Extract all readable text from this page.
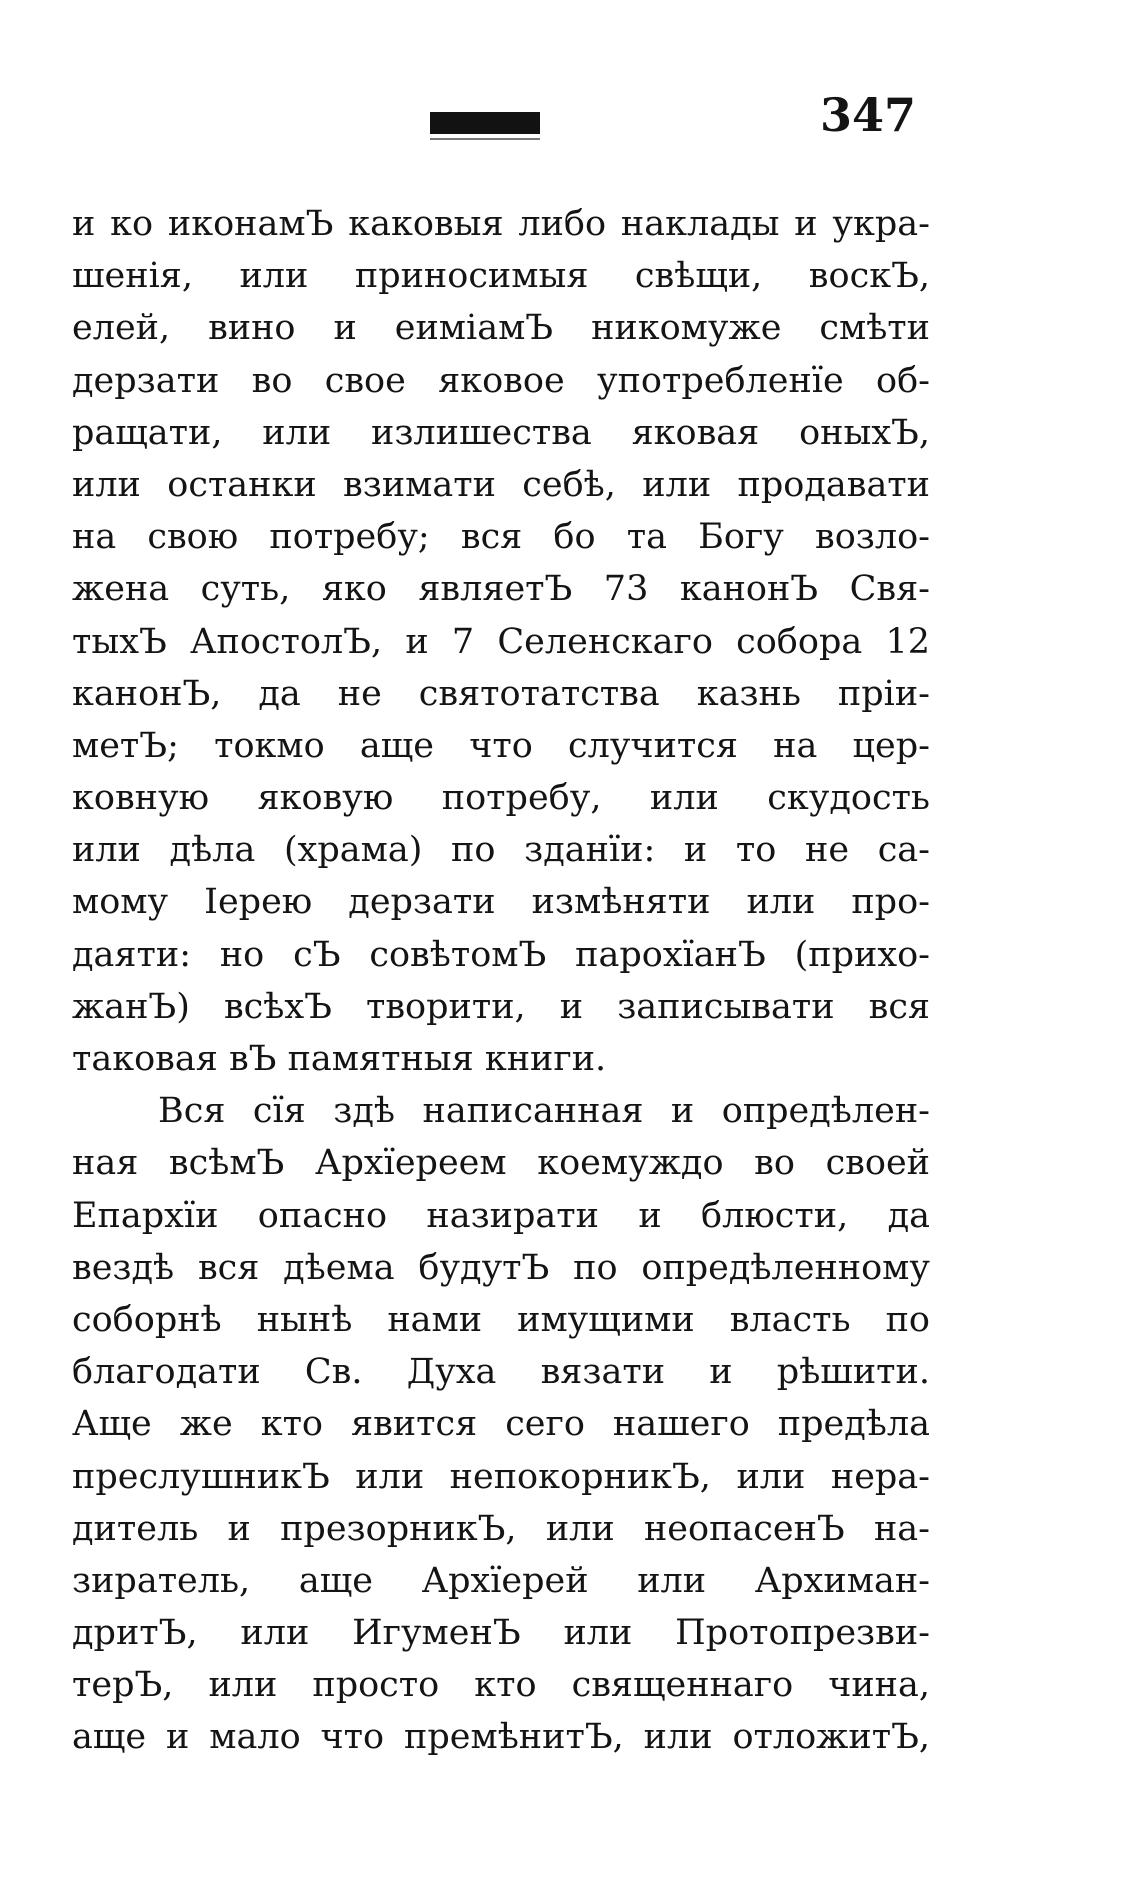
347
и ко иконамЪ каковыя либо наклады и укра-
шенія, или приносимыя свѣщи, воскЪ,
елей, вино и еиміамЪ никомуже смѣти
дерзати во свое яковое употребленїе об-
ращати, или излишества яковая оныхЪ,
или останки взимати себѣ, или продавати
на свою потребу; вся бо та Богу возло-
жена суть, яко являетЪ 73 канонЪ Свя-
тыхЪ АпостолЪ, и 7 Селенскаго собора 12
канонЪ, да не святотатства казнь пріи-
метЪ; токмо аще что случится на цер-
ковную яковую потребу, или скудость
или дѣла (храма) по зданїи: и то не са-
мому Іерею дерзати измѣняти или про-
даяти: но сЪ совѣтомЪ парохїанЪ (прихо-
жанЪ) всѣхЪ творити, и записывати вся
таковая вЪ памятныя книги.
Вся сїя здѣ написанная и опредѣлен-
ная всѣмЪ Архїереем коемуждо во своей
Епархїи опасно назирати и блюсти, да
вездѣ вся дѣема будутЪ по опредѣленному
соборнѣ нынѣ нами имущими власть по
благодати Св. Духа вязати и рѣшити.
Аще же кто явится сего нашего предѣла
преслушникЪ или непокорникЪ, или нера-
дитель и презорникЪ, или неопасенЪ на-
зиратель, аще Архїерей или Архиман-
дритЪ, или ИгуменЪ или Протопрезви-
терЪ, или просто кто священнаго чина,
аще и мало что премѣнитЪ, или отложитЪ,
